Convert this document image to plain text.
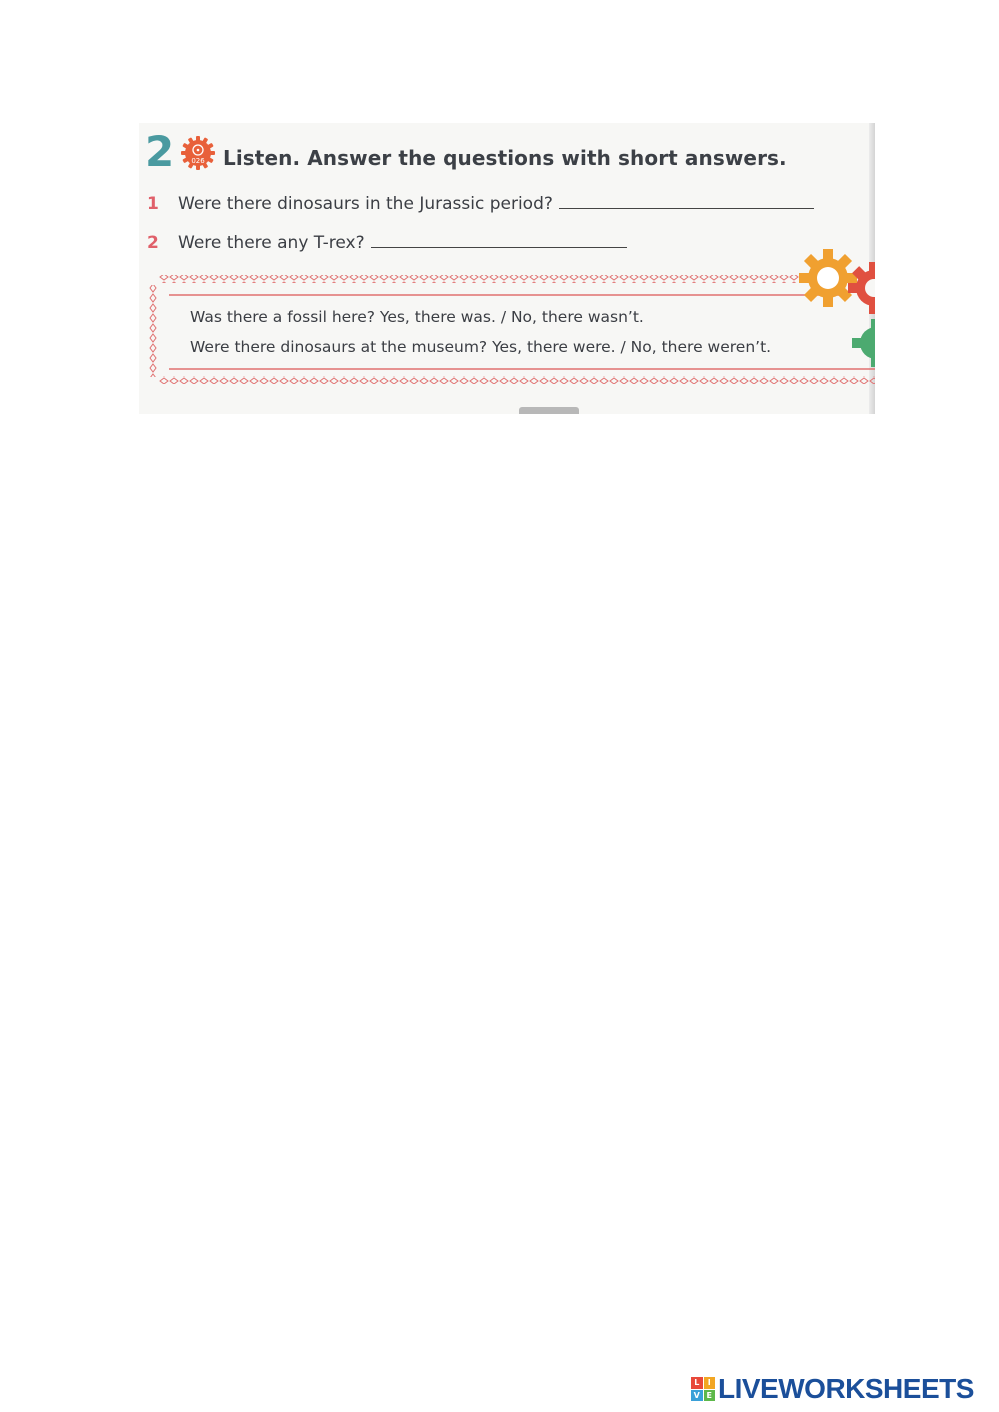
2	026 Listen. Answer the questions with short answers.
1	Were there dinosaurs in the Jurassic period?
2	Were there any T-rex?
Was there a fossil here? Yes, there was. / No, there wasn’t.
Were there dinosaurs at the museum? Yes, there were. / No, there weren’t.
L	I
V E LIVEWORKSHEETS
